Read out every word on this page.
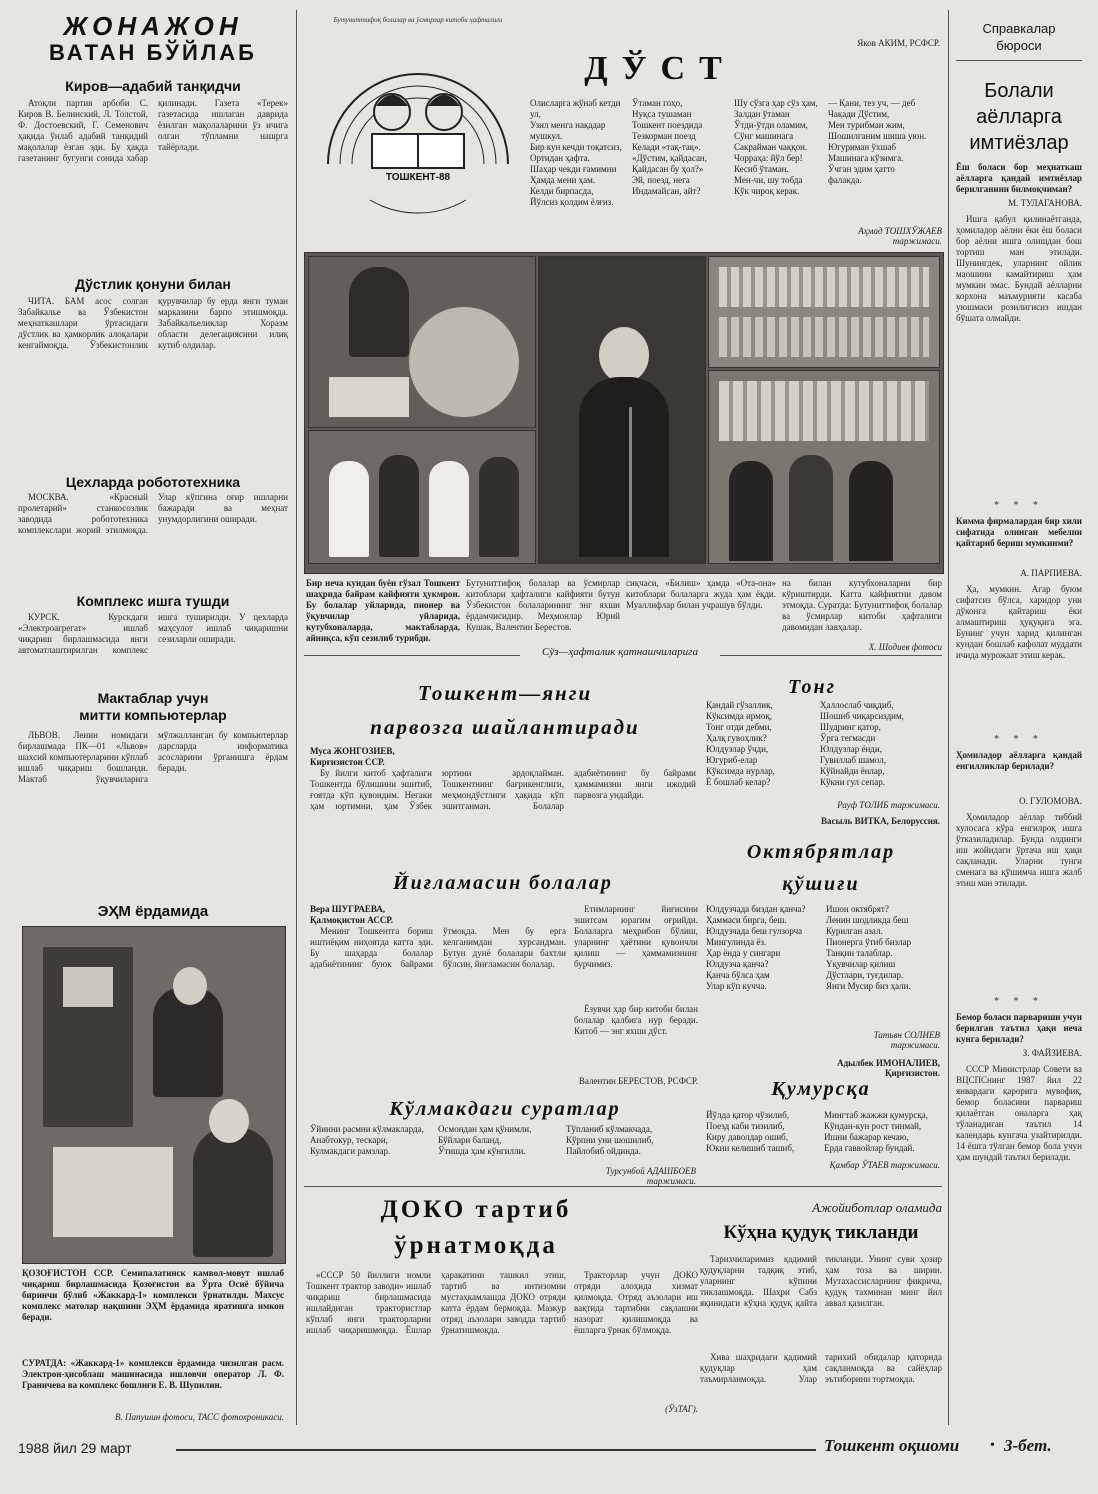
ЖОНАЖОН
ВАТАН БЎЙЛАБ
Киров—адабий танқидчи

Атоқли партия арбоби С. Киров В. Белинский, Л. Толстой, Ф. Достоевский, Г. Семенович ҳақида ўнлаб адабий танқидий мақолалар ёзган эди. Бу ҳақда газетанинг бугунги сонида хабар қилинади. Газета «Терек» газетасида ишлаган даврида ёзилган мақолаларини ўз ичига олган тўпламни нашрга тайёрлади.

Дўстлик қонуни билан

ЧИТА. БАМ асос солган Забайкалье ва Ўзбекистон меҳнаткашлари ўртасидаги дўстлик ва ҳамкорлик алоқалари кенгаймоқда. Ўзбекистонлик қурувчилар бу ерда янги туман марказини барпо этишмоқда. Забайкальеликлар Хоразм области делегациясини илиқ кутиб олдилар.

Цехларда робототехника

МОСКВА. «Красный пролетарий» станкосозлик заводида робототехника комплекслари жорий этилмоқда. Улар кўпгина оғир ишларни бажаради ва меҳнат унумдорлигини оширади.

Комплекс ишга тушди

КУРСК. Курскдаги «Электроагрегат» ишлаб чиқариш бирлашмасида янги автоматлаштирилган комплекс ишга туширилди. У цехларда маҳсулот ишлаб чиқаришни сезиларли оширади.

Мактаблар учун
митти компьютерлар

ЛЬВОВ. Ленин номидаги бирлашмада ПК—01 «Львов» шахсий компьютерларини кўплаб ишлаб чиқариш бошланди. Мактаб ўқувчиларига мўлжалланган бу компьютерлар дарсларда информатика асосларини ўрганишга ёрдам беради.

ЭҲМ ёрдамида
ҚОЗОҒИСТОН ССР. Семипалатинск камвол-мовут ишлаб чиқариш бирлашмасида Қозоғистон ва Ўрта Осиё бўйича биринчи бўлиб «Жаккард-1» комплекси ўрнатилди. Махсус комплекс матолар нақшини ЭҲМ ёрдамида яратишга имкон беради.
СУРАТДА: «Жаккард-1» комплекси ёрдамида чизилган расм. Электрон-ҳисоблаш машинасида ишловчи оператор Л. Ф. Граничева ва комплекс бошлиғи Е. В. Шупилин.
В. Папушин фотоси, ТАСС фотохроникаси.
ТОШКЕНТ-88
Бутуниттифоқ болалар ва ўсмирлар китоби ҳафталиги
Яков АКИМ, РСФСР.
ДЎСТ
Олисларга жўнаб кетди ул,
Узил менга нақадар мушкул.
Бир кун кечди тоқатсиз,
Ортидан ҳафта.
Шаҳар чекди ғамимни
Ҳамда мени ҳам.
Келди бирпасда,
Йўлсиз қолдим ёлғиз.
Ўтаман гоҳо,
Нуқса тушаман
Тошкент поездида
Тезкорман поезд
Келади «тақ-тақ».
«Дўстим, қайдасан,
Қайдасан бу ҳол?»
Эй, поезд, нега
Индамайсан, айт?
Шу сўзга ҳар сўз ҳам,
Залдан ўтаман
Ўтди-ўтди оламим,
Сўнг машинага
Сакрайман чаққон.
Чорраҳа: йўл бер!
Кесиб ўтаман.
Мен-чи, шу тобда
Кўк чироқ керак.
— Қани, тез уч, — деб
Чақади Дўстим,
Мен турибман жим,
Шошилганим шиша уюн.
Югуриман ўхшаб
Машинага кўзимга.
Ўчган эдим ҳатто
фалакда.
Аҳмад ТОШХЎЖАЕВ таржимаси.
Бир неча кундан буён гўзал Тошкент шаҳрида байрам кайфияти ҳукмрон. Бу болалар уйларида, пионер ва ўқувчилар уйларида, кутубхоналарда, мактабларда, айниқса, кўп сезилиб турибди.
Бутуниттифоқ болалар ва ўсмирлар китоблари ҳафталиги кайфияти бутун Ўзбекистон болаларининг энг яхши ёрдамчисидир. Меҳмонлар Юрий Кушак, Валентин Берестов.
сиқчаси, «Билиш» ҳамда «Ота-она» китоблари болаларга жуда ҳам ёқди. Муаллифлар билан учрашув бўлди.
на билан кутубхоналарни бир кўриштирди. Катта кайфиятни давом этмоқда. Суратда: Бутуниттифоқ болалар ва ўсмирлар китоби ҳафталиги давомидан лавҳалар.
Х. Шодиев фотоси
Сўз—ҳафталик қатнашчиларига
Тошкент—янги
парвозга шайлантиради
Муса ЖОНГОЗИЕВ, Кирғизистон ССР.

Бу йилги китоб ҳафталиги Тошкентда бўлишини эшитиб, ғоятда кўп қувондим. Негаки ҳам юртимни, ҳам Ўзбек юртини ардоқлайман. Тошкентнинг бағрикенглиги, меҳмондўстлиги ҳақида кўп эшитганман. Болалар адабиётининг бу байрами ҳаммамизни янги ижодий парвозга ундайди.

Тонг
Қандай гўзаллик,
Кўксимда ирмоқ,
Тонг отди дебми,
Ҳалқ гувоҳлик?
Юлдузлар ўчди,
Югуриб-елар
Кўксимда нурлар,
Ё бошлаб келар?
Ҳаллослаб чиқдиб,
Шошиб чиқарсиздим,
Шудринг қатор,
Ўрга тегмасди
Юлдузлар ёнди,
Гувиллаб шамол,
Кўйнайди ёнлар,
Кўкни гул сепар.
Рауф ТОЛИБ таржимаси.
Васыль ВИТКА, Белоруссия.
Октябрятлар
қўшиғи
Юлдузчада биздан қанча?
Ҳаммаси бирга, беш.
Юлдузчада беш гулзорча
Мингулинда ёз.
Ҳар ёнда у сингари
Юлдузча қанча?
Қанча бўлса ҳам
Улар кўп кучча.
Ишон октябрят?
Ленин шодликда беш
Курилган азал.
Пионерга ўтиб бизлар
Танқин талаблар.
Үқувчилар қилиш
Дўстлари, туғдилар.
Янги Мусир биз ҳали.
Татьвн СОЛИЕВ таржимаси.
Адылбек ИМОНАЛИЕВ, Қирғизистон.
Йиғламасин болалар
Вера ШУГРАЕВА, Қалмоқистон АССР.

Менинг Тошкентга бориш иштиёқим ниҳоятда катта эди. Бу шаҳарда болалар адабиётининг буюк байрами ўтмоқда. Мен бу ерга келганимдан хурсандман. Бутун дунё болалари бахтли бўлсин, йиғламасин болалар.

Етимларнинг йиғисини эшитсам юрагим оғрийди. Болаларга меҳрибон бўлиш, уларнинг ҳаётини қувончли қилиш — ҳаммамизнинг бурчимиз.

Ёзувчи ҳар бир китоби билан болалар қалбига нур беради. Китоб — энг яхши дўст.

Валентин БЕРЕСТОВ, РСФСР.
Кўлмакдаги суратлар
Ўйинни расмни кўлмакларда,
Анабтокур, тескари,
Кулмакдаги рамзлар.
Осмондан ҳам қўнимли,
Бўйлари баланд,
Ўтишда ҳам кўнгилли.
Тўпланиб кўлмакчада,
Кўрпни уни шошилиб,
Пайлобиб ойдинда.
Турсунбой АДАШБОЕВ таржимаси.
Қумурсқа
Йўлда қатор чўзилиб,
Поезд каби тизилиб,
Киру даволдар ошиб,
Юкни келишиб ташиб,
Мингтаб жажжи қумурсқа,
Кўндан-кун рост тинмай,
Ишни бажарар кечаю,
Ерда гаввойлар бундай.
Қамбар ЎТАЕВ таржимаси.
ДОКО тартиб
ўрнатмоқда

«СССР 50 йиллиги номли Тошкент трактор заводи» ишлаб чиқариш бирлашмасида ишлайдиган трактористлар кўплаб янги тракторларни ишлаб чиқаришмоқда. Ёшлар ҳаракатини ташкил этиш, тартиб ва интизомни мустаҳкамлашда ДОКО отряди катта ёрдам бермоқда. Мазкур отряд аъзолари заводда тартиб ўрнатишмоқда.

Тракторлар учун ДОКО отряди алоҳида хизмат қилмоқда. Отряд аъзолари иш вақтида тартибни сақлашни назорат қилишмоқда ва ёшларга ўрнак бўлмоқда.

(ЎзТАГ).
Ажойиботлар оламида
Кўҳна қудуқ тикланди

Тарихчиларимиз қадимий қудуқларни тадқиқ этиб, уларнинг кўпини тиклашмоқда. Шаҳри Сабз яқинидаги кўҳна қудуқ қайта тикланди. Унинг суви ҳозир ҳам тоза ва ширин. Мутахассисларнинг фикрича, қудуқ тахминан минг йил аввал қазилган.

Хива шаҳридаги қадимий қудуқлар ҳам таъмирланмоқда. Улар тарихий обидалар қаторида сақланмоқда ва сайёҳлар эътиборини тортмоқда.

Справкалар
бюроси
Болали
аёлларга
имтиёзлар
Ёш боласи бор меҳнаткаш аёлларга қандай имтиёзлар берилганини билмоқчиман?
М. ТУЛАГАНОВА.

Ишга қабул қилинаётганда, ҳомиладор аёлни ёки ёш боласи бор аёлни ишга олишдан бош тортиш ман этилади. Шунингдек, уларнинг ойлик маошини камайтириш ҳам мумкин эмас. Бундай аёлларни корхона маъмурияти касаба уюшмаси розилигисиз ишдан бўшата олмайди.

* * *
Кимма фирмалардан бир хили сифатида олинган мебелни қайтариб бериш мумкинми?
А. ПАРПИЕВА.

Ҳа, мумкин. Агар буюм сифатсиз бўлса, харидор уни дўконга қайтариш ёки алмаштириш ҳуқуқига эга. Бунинг учун харид қилинган кундан бошлаб кафолат муддати ичида мурожаат этиш керак.

* * *
Ҳомиладор аёлларга қандай енгилликлар берилади?
О. ГУЛОМОВА.

Ҳомиладор аёллар тиббий хулосага кўра енгилроқ ишга ўтказиладилар. Бунда олдинги иш жойидаги ўртача иш ҳақи сақланади. Уларни тунги сменага ва қўшимча ишга жалб этиш ман этилади.

* * *
Бемор боласи парвариши учун берилган таътил ҳақи неча кунга берилади?
З. ФАЙЗИЕВА.

СССР Министрлар Совети ва ВЦСПСнинг 1987 йил 22 январдаги қарорига мувофиқ, бемор боласини парвариш қилаётган оналарга ҳақ тўланадиган таътил 14 календарь кунгача узайтирилди. 14 ёшга тўлган бемор бола учун ҳам шундай таътил берилади.

1988 йил 29 март	Тошкент оқшоми	• 3-бет.
